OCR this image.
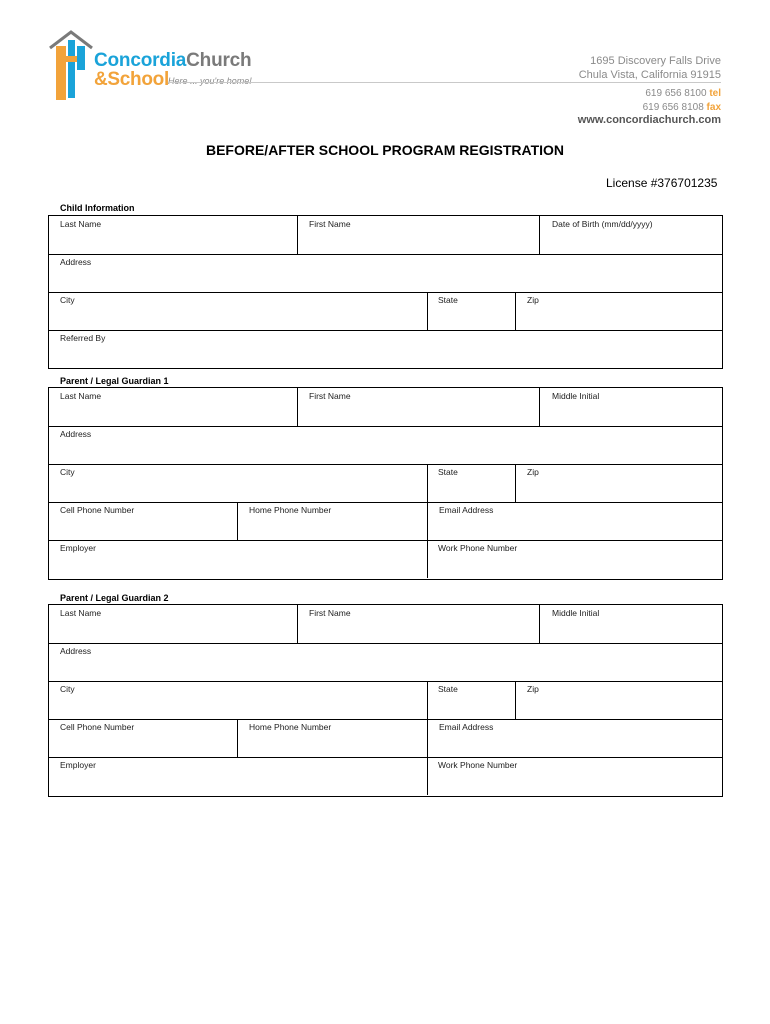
ConcordiaChurch
&School Here ... you're home!
1695 Discovery Falls Drive
Chula Vista, California 91915
619 656 8100 tel
619 656 8108 fax
www.concordiachurch.com
BEFORE/AFTER SCHOOL PROGRAM REGISTRATION
License #376701235
Child Information
Last Name	First Name	Date of Birth (mm/dd/yyyy)
Address
City	State	Zip
Referred By
Parent / Legal Guardian 1
Last Name	First Name	Middle Initial
Address
City	State	Zip
Cell Phone Number	Home Phone Number	Email Address
Employer	Work Phone Number
Parent / Legal Guardian 2
Last Name	First Name	Middle Initial
Address
City	State	Zip
Cell Phone Number	Home Phone Number	Email Address
Employer	Work Phone Number
